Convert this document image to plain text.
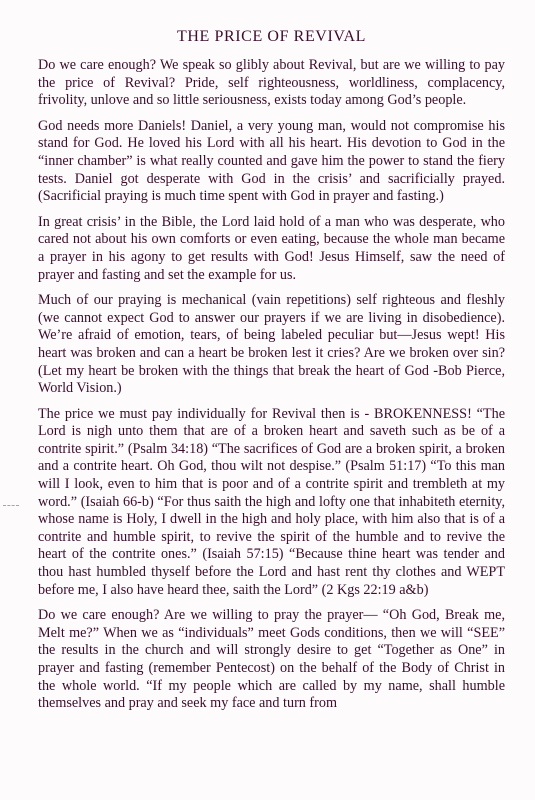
THE PRICE OF REVIVAL

Do we care enough? We speak so glibly about Revival, but are we willing to pay the price of Revival? Pride, self righteousness, worldliness, complacency, frivolity, unlove and so little seriousness, exists today among God’s people.

God needs more Daniels! Daniel, a very young man, would not compromise his stand for God. He loved his Lord with all his heart. His devotion to God in the “inner chamber” is what really counted and gave him the power to stand the fiery tests. Daniel got desperate with God in the crisis’ and sacrificially prayed. (Sacrificial praying is much time spent with God in prayer and fasting.)

In great crisis’ in the Bible, the Lord laid hold of a man who was desperate, who cared not about his own comforts or even eating, because the whole man became a prayer in his agony to get results with God! Jesus Himself, saw the need of prayer and fasting and set the example for us.

Much of our praying is mechanical (vain repetitions) self righteous and fleshly (we cannot expect God to answer our prayers if we are living in disobedience). We’re afraid of emotion, tears, of being labeled peculiar but—Jesus wept! His heart was broken and can a heart be broken lest it cries? Are we broken over sin? (Let my heart be broken with the things that break the heart of God -Bob Pierce, World Vision.)

The price we must pay individually for Revival then is - BROKENNESS! “The Lord is nigh unto them that are of a broken heart and saveth such as be of a contrite spirit.” (Psalm 34:18) “The sacrifices of God are a broken spirit, a broken and a contrite heart. Oh God, thou wilt not despise.” (Psalm 51:17) “To this man will I look, even to him that is poor and of a contrite spirit and trembleth at my word.” (Isaiah 66-b) “For thus saith the high and lofty one that inhabiteth eternity, whose name is Holy, I dwell in the high and holy place, with him also that is of a contrite and humble spirit, to revive the spirit of the humble and to revive the heart of the contrite ones.” (Isaiah 57:15) “Because thine heart was tender and thou hast humbled thyself before the Lord and hast rent thy clothes and WEPT before me, I also have heard thee, saith the Lord” (2 Kgs 22:19 a&b)

Do we care enough? Are we willing to pray the prayer— “Oh God, Break me, Melt me?” When we as “individuals” meet Gods conditions, then we will “SEE” the results in the church and will strongly desire to get “Together as One” in prayer and fasting (remember Pentecost) on the behalf of the Body of Christ in the whole world. “If my people which are called by my name, shall humble themselves and pray and seek my face and turn from
